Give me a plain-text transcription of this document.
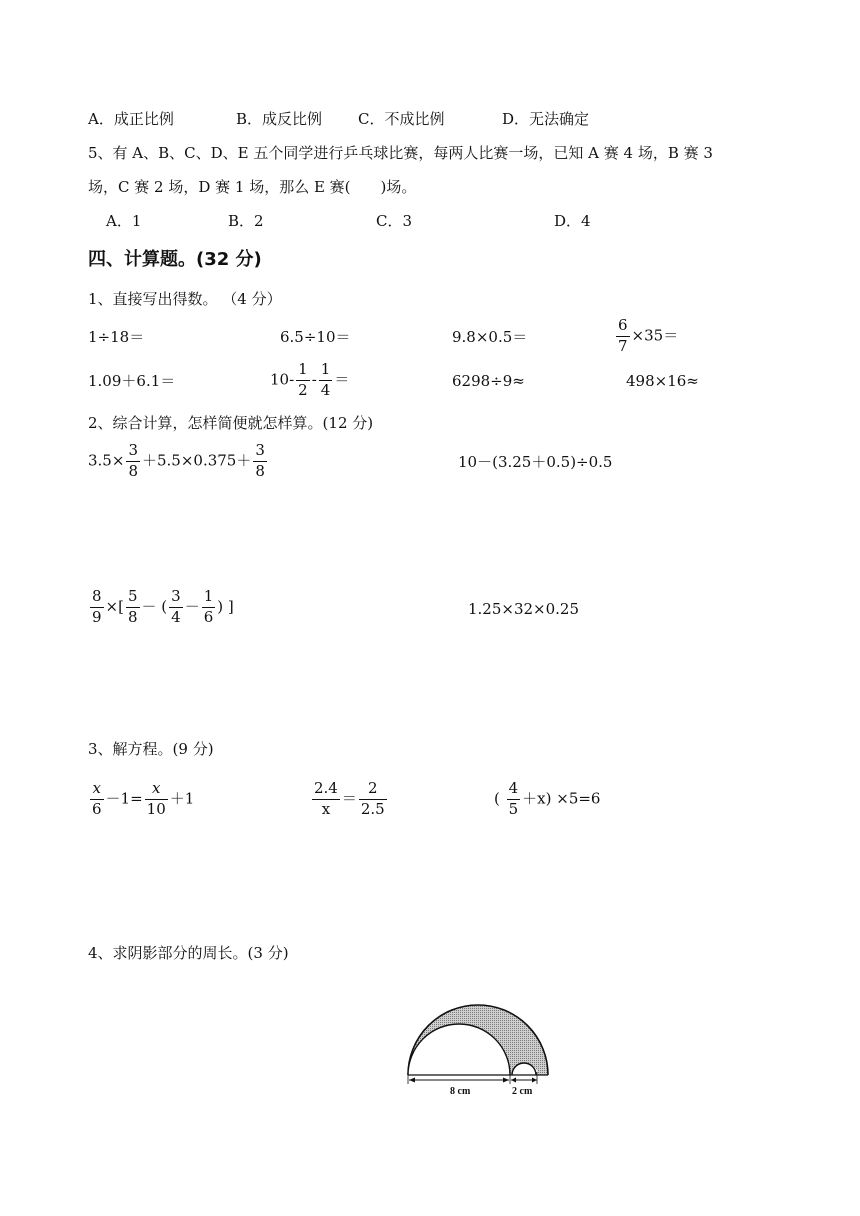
A．成正比例	B．成反比例 C．不成比例	D．无法确定
5、有 A、B、C、D、E 五个同学进行乒乓球比赛，每两人比赛一场，已知 A 赛 4 场，B 赛 3
场，C 赛 2 场，D 赛 1 场，那么 E 赛(　　)场。
A．1	B．2	C．3	D．4
四、计算题。(32 分)
1、直接写出得数。 （4 分）
1÷18＝	6.5÷10＝	9.8×0.5＝	$\frac{6}{7} \times 35=$
1.09＋6.1＝	$10- \frac{1}{2} - \frac{1}{4}$ ＝	6298÷9≈	498×16≈
2、综合计算，怎样简便就怎样算。(12 分)
$3.5\times \frac{3}{8} +5.5\times 0.375+ \frac{3}{8}$	10－(3.25＋0.5)÷0.5
$\frac{8}{9}$ ×[ $\frac{5}{8}$ － ( $\frac{3}{4} - \frac{1}{6}$ ) ]	1.25×32×0.25
3、解方程。(9 分)
$\frac{x}{6} -1= \frac{x}{10} +1$	$\frac{2.4}{x} = \frac{2}{2.5}$	( $\frac{4}{5} +x) \times 5=6$
4、求阴影部分的周长。(3 分)
8 cm	2 cm
